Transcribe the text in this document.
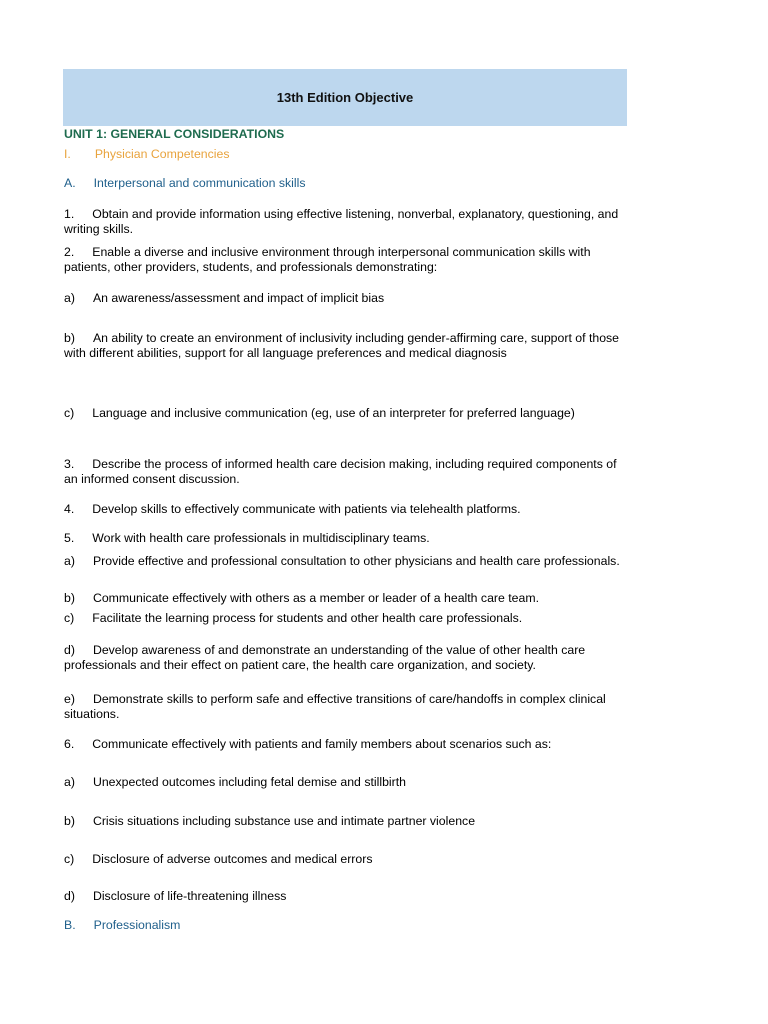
13th Edition Objective
UNIT 1: GENERAL CONSIDERATIONS
I. Physician Competencies
A. Interpersonal and communication skills
1. Obtain and provide information using effective listening, nonverbal, explanatory, questioning, and writing skills.
2. Enable a diverse and inclusive environment through interpersonal communication skills with patients, other providers, students, and professionals demonstrating:
a) An awareness/assessment and impact of implicit bias
b) An ability to create an environment of inclusivity including gender-affirming care, support of those with different abilities, support for all language preferences and medical diagnosis
c) Language and inclusive communication (eg, use of an interpreter for preferred language)
3. Describe the process of informed health care decision making, including required components of an informed consent discussion.
4. Develop skills to effectively communicate with patients via telehealth platforms.
5. Work with health care professionals in multidisciplinary teams.
a) Provide effective and professional consultation to other physicians and health care professionals.
b) Communicate effectively with others as a member or leader of a health care team.
c) Facilitate the learning process for students and other health care professionals.
d) Develop awareness of and demonstrate an understanding of the value of other health care professionals and their effect on patient care, the health care organization, and society.
e) Demonstrate skills to perform safe and effective transitions of care/handoffs in complex clinical situations.
6. Communicate effectively with patients and family members about scenarios such as:
a) Unexpected outcomes including fetal demise and stillbirth
b) Crisis situations including substance use and intimate partner violence
c) Disclosure of adverse outcomes and medical errors
d) Disclosure of life-threatening illness
B. Professionalism
